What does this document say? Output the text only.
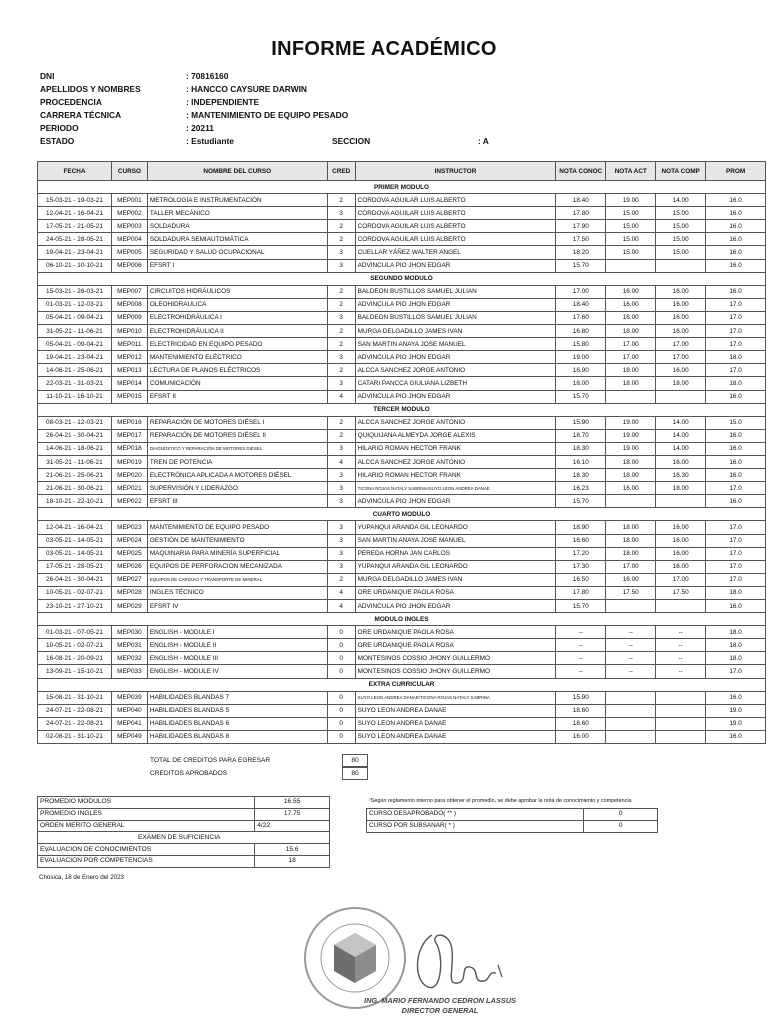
INFORME ACADÉMICO
DNI	: 70816160
APELLIDOS Y NOMBRES	: HANCCO CAYSURE DARWIN
PROCEDENCIA	: INDEPENDIENTE
CARRERA TÉCNICA	: MANTENIMIENTO DE EQUIPO PESADO
PERIODO	: 20211
ESTADO	: Estudiante	SECCION	: A
FECHA	CURSO	NOMBRE DEL CURSO	CRED	INSTRUCTOR	NOTA CONOC	NOTA ACT	NOTA COMP	PROM
PRIMER MODULO								
15-03-21 - 19-03-21	MEP001	METROLOGÍA E INSTRUMENTACIÓN	2	CORDOVA AGUILAR LUIS ALBERTO	18.40	19.00	14.00	16.0
12-04-21 - 16-04-21	MEP002	TALLER MECÁNICO	3	CORDOVA AGUILAR LUIS ALBERTO	17.80	15.00	15.00	16.0
17-05-21 - 21-05-21	MEP003	SOLDADURA	2	CORDOVA AGUILAR LUIS ALBERTO	17.90	15.00	15.00	16.0
24-05-21 - 28-05-21	MEP004	SOLDADURA SEMIAUTOMÁTICA	2	CORDOVA AGUILAR LUIS ALBERTO	17.50	15.00	15.00	16.0
19-04-21 - 23-04-21	MEP005	SEGURIDAD Y SALUD OCUPACIONAL	3	CUELLAR YÁÑEZ WALTER ANGEL	18.20	15.00	15.00	16.0
06-10-21 - 10-10-21	MEP006	EFSRT I	3	ADVINCULA PIO JHON EDGAR	15.70			16.0
SEGUNDO MODULO								
15-03-21 - 26-03-21	MEP007	CIRCUITOS HIDRÁULICOS	2	BALDEON BUSTILLOS SAMUEL JULIAN	17.00	16.00	16.00	16.0
01-03-21 - 12-03-21	MEP008	OLEOHIDRAULICA	2	ADVINCULA PIO JHON EDGAR	18.40	16.00	16.00	17.0
05-04-21 - 09-04-21	MEP009	ELECTROHIDRÁULICA I	3	BALDEON BUSTILLOS SAMUEL JULIAN	17.60	16.00	16.00	17.0
31-05-21 - 11-06-21	MEP010	ELECTROHIDRÁULICA II	2	MURGA DELGADILLO JAMES IVAN	16.80	18.00	16.00	17.0
05-04-21 - 09-04-21	MEP011	ELECTRICIDAD EN EQUIPO PESADO	2	SAN MARTIN ANAYA JOSE MANUEL	15.80	17.00	17.00	17.0
19-04-21 - 23-04-21	MEP012	MANTENIMIENTO ELÉCTRICO	3	ADVINCULA PIO JHON EDGAR	19.00	17.00	17.00	18.0
14-06-21 - 25-06-21	MEP013	LECTURA DE PLANOS ELÉCTRICOS	2	ALCCA SANCHEZ JORGE ANTONIO	16.90	18.00	16.00	17.0
22-03-21 - 31-03-21	MEP014	COMUNICACIÓN	3	CATARI PANCCA GIULIANA LIZBETH	18.00	18.00	18.00	18.0
11-10-21 - 16-10-21	MEP015	EFSRT II	4	ADVINCULA PIO JHON EDGAR	15.70			16.0
TERCER MODULO								
08-03-21 - 12-03-21	MEP016	REPARACIÓN DE MOTORES DIÉSEL I	2	ALCCA SANCHEZ JORGE ANTONIO	15.90	19.00	14.00	15.0
26-04-21 - 30-04-21	MEP017	REPARACIÓN DE MOTORES DIÉSEL II	2	QUIQUIJANA ALMEYDA JORGE ALEXIS	18.70	19.00	14.00	16.0
14-06-21 - 18-06-21	MEP018	DIAGNOSTICO Y REPARACIÓN DE MOTORES DIÉSEL	3	HILARIO ROMAN HECTOR FRANK	18.30	19.00	14.00	16.0
31-05-21 - 11-06-21	MEP019	TREN DE POTENCIA	4	ALCCA SANCHEZ JORGE ANTONIO	16.10	18.00	16.00	16.0
21-06-21 - 25-06-21	MEP020	ELECTRÓNICA APLICADA A MOTORES DIÉSEL	3	HILARIO ROMAN HECTOR FRANK	18.30	18.00	16.30	16.0
21-06-21 - 30-06-21	MEP021	SUPERVISIÓN Y LIDERAZGO	3	TICONA ROJAS NATALY SABRINA/SUYO LEON ANDREA DANAE	16.23	16.00	18.00	17.0
18-10-21 - 22-10-21	MEP022	EFSRT III	3	ADVINCULA PIO JHON EDGAR	15.70			16.0
CUARTO MODULO								
12-04-21 - 16-04-21	MEP023	MANTENIMIENTO DE EQUIPO PESADO	3	YUPANQUI ARANDA GIL LEONARDO	18.90	18.00	16.00	17.0
03-05-21 - 14-05-21	MEP024	GESTIÓN DE MANTENIMIENTO	3	SAN MARTIN ANAYA JOSE MANUEL	16.60	18.00	16.00	17.0
03-05-21 - 14-05-21	MEP025	MAQUINARIA PARA MINERÍA SUPERFICIAL	3	PEREDA HORNA JAN CARLOS	17.20	18.00	16.00	17.0
17-05-21 - 28-05-21	MEP026	EQUIPOS DE PERFORACION MECANIZADA	3	YUPANQUI ARANDA GIL LEONARDO	17.30	17.00	16.00	17.0
26-04-21 - 30-04-21	MEP027	EQUIPOS DE CARGUIO Y TRANSPORTE DE MINERAL	2	MURGA DELGADILLO JAMES IVAN	16.50	16.00	17.00	17.0
10-05-21 - 02-07-21	MEP028	INGLES TÉCNICO	4	ORE URDANIQUE PAOLA ROSA	17.80	17.50	17.50	18.0
23-10-21 - 27-10-21	MEP029	EFSRT IV	4	ADVINCULA PIO JHON EDGAR	15.70			16.0
MODULO INGLES								
01-03-21 - 07-05-21	MEP030	ENGLISH - MODULE I	0	ORE URDANIQUE PAOLA ROSA	--	--	--	18.0
10-05-21 - 02-07-21	MEP031	ENGLISH - MODULE II	0	ORE URDANIQUE PAOLA ROSA	--	--	--	18.0
16-08-21 - 20-09-21	MEP032	ENGLISH - MODULE III	0	MONTESINOS COSSIO JHONY GUILLERMO	--	--	--	18.0
13-09-21 - 15-10-21	MEP033	ENGLISH - MODULE IV	0	MONTESINOS COSSIO JHONY GUILLERMO	--	--	--	17.0
EXTRA CURRICULAR								
15-08-21 - 31-10-21	MEP039	HABILIDADES BLANDAS 7	0	SUYO LEON ANDREA DANAE/TICONA ROJAS NATALY SABRINA	15.90			16.0
24-07-21 - 22-08-21	MEP040	HABILIDADES BLANDAS 5	0	SUYO LEON ANDREA DANAE	18.60			19.0
24-07-21 - 22-08-21	MEP041	HABILIDADES BLANDAS 6	0	SUYO LEON ANDREA DANAE	18.60			19.0
02-08-21 - 31-10-21	MEP049	HABILIDADES BLANDAS 8	0	SUYO LEON ANDREA DANAE	16.00			16.0
TOTAL DE CREDITOS PARA EGRESAR	80
CREDITOS APROBADOS	80
PROMEDIO MODULOS	16.55
PROMEDIO INGLES	17.75
ORDEN MERITO GENERAL	4/22
EXAMEN DE SUFICIENCIA	
EVALUACION DE CONOCIMIENTOS	15.6
EVALUACION POR COMPETENCIAS	18
¹Según reglamento interno para obtener el promedio, se debe aprobar la nota de conocimiento y competencia
CURSO DESAPROBADO( ** )	0
CURSO POR SUBSANAR( * )	0
Chosica, 18 de Enero del 2023
ING. MARIO FERNANDO CEDRON LASSUS
DIRECTOR GENERAL
